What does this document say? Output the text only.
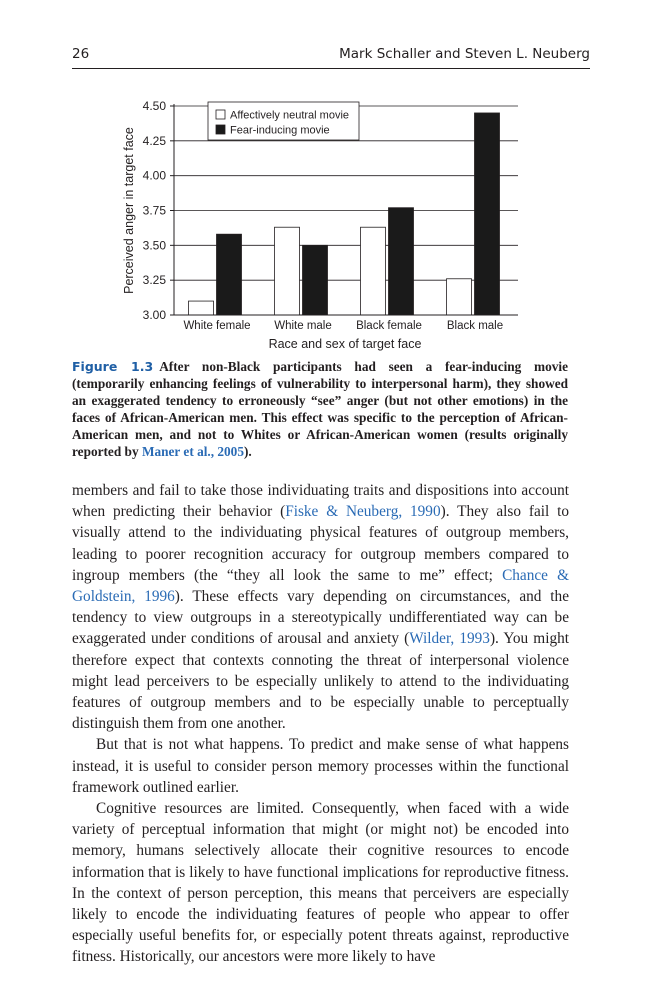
26	Mark Schaller and Steven L. Neuberg
3.00
3.25
3.50
3.75
4.00
4.25
4.50
White female White male Black female Black male
Race and sex of target face
Perceived anger in target face
Affectively neutral movie
Fear-inducing movie
Figure 1.3 After non-Black participants had seen a fear-inducing movie (temporarily enhancing feelings of vulnerability to interpersonal harm), they showed an exaggerated tendency to erroneously “see” anger (but not other emotions) in the faces of African-American men. This effect was specific to the perception of African-American men, and not to Whites or African-American women (results originally reported by Maner et al., 2005).

members and fail to take those individuating traits and dispositions into account when predicting their behavior (Fiske & Neuberg, 1990). They also fail to visually attend to the individuating physical features of outgroup members, leading to poorer recognition accuracy for outgroup members compared to ingroup members (the “they all look the same to me” effect; Chance & Goldstein, 1996). These effects vary depending on circumstances, and the tendency to view outgroups in a stereotypically undifferentiated way can be exaggerated under conditions of arousal and anxiety (Wilder, 1993). You might therefore expect that contexts connoting the threat of interpersonal violence might lead perceivers to be especially unlikely to attend to the individuating features of outgroup members and to be especially unable to perceptually distinguish them from one another.

But that is not what happens. To predict and make sense of what happens instead, it is useful to consider person memory processes within the functional framework outlined earlier.

Cognitive resources are limited. Consequently, when faced with a wide variety of perceptual information that might (or might not) be encoded into memory, humans selectively allocate their cognitive resources to encode information that is likely to have functional implications for reproductive fitness. In the context of person perception, this means that perceivers are especially likely to encode the individuating features of people who appear to offer especially useful benefits for, or especially potent threats against, reproductive fitness. Historically, our ancestors were more likely to have
